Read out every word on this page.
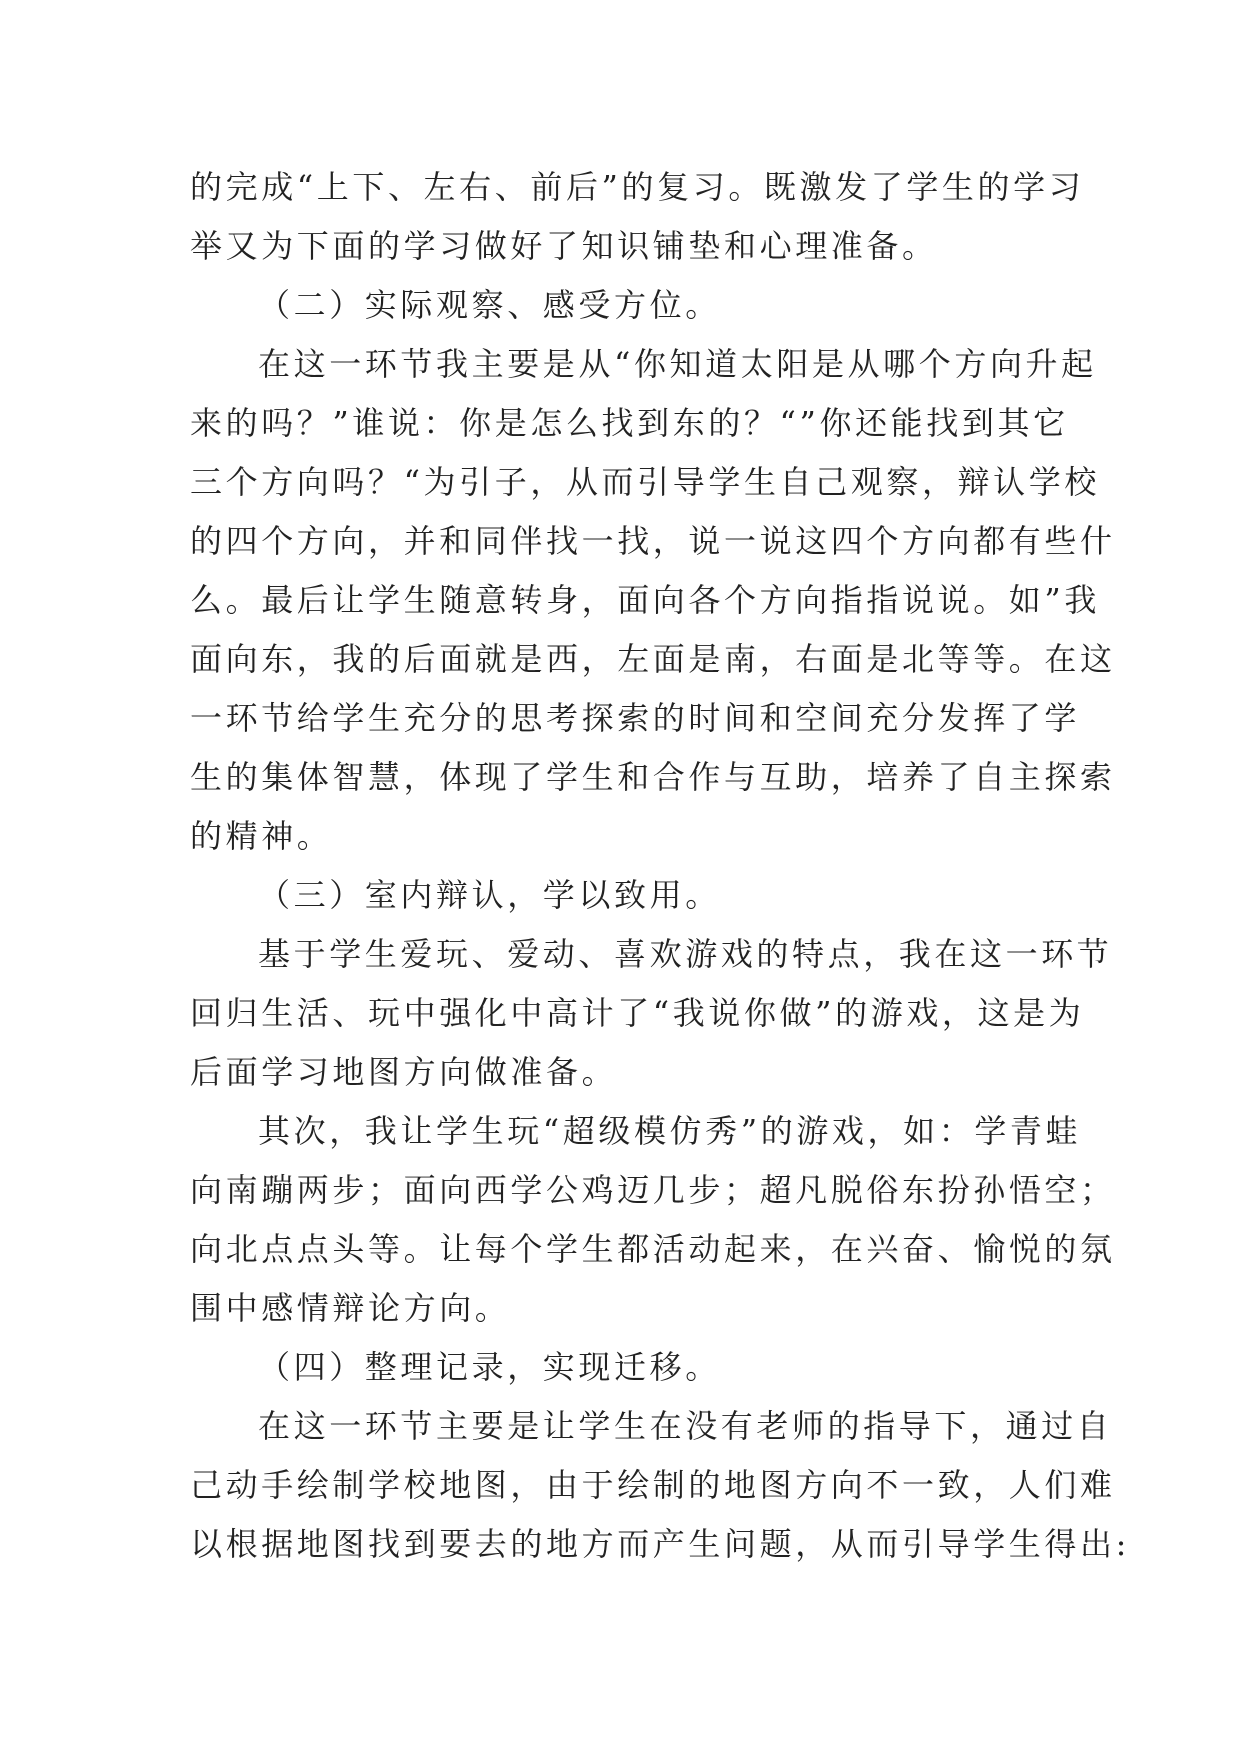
的完成“上下、左右、前后”的复习。既激发了学生的学习
举又为下面的学习做好了知识铺垫和心理准备。
（二）实际观察、感受方位。
在这一环节我主要是从“你知道太阳是从哪个方向升起
来的吗？”谁说：你是怎么找到东的？“”你还能找到其它
三个方向吗？“为引子，从而引导学生自己观察，辩认学校
的四个方向，并和同伴找一找，说一说这四个方向都有些什
么。最后让学生随意转身，面向各个方向指指说说。如”我
面向东，我的后面就是西，左面是南，右面是北等等。在这
一环节给学生充分的思考探索的时间和空间充分发挥了学
生的集体智慧，体现了学生和合作与互助，培养了自主探索
的精神。
（三）室内辩认，学以致用。
基于学生爱玩、爱动、喜欢游戏的特点，我在这一环节
回归生活、玩中强化中高计了“我说你做”的游戏，这是为
后面学习地图方向做准备。
其次，我让学生玩“超级模仿秀”的游戏，如：学青蛙
向南蹦两步；面向西学公鸡迈几步；超凡脱俗东扮孙悟空；
向北点点头等。让每个学生都活动起来，在兴奋、愉悦的氛
围中感情辩论方向。
（四）整理记录，实现迁移。
在这一环节主要是让学生在没有老师的指导下，通过自
己动手绘制学校地图，由于绘制的地图方向不一致，人们难
以根据地图找到要去的地方而产生问题，从而引导学生得出:
